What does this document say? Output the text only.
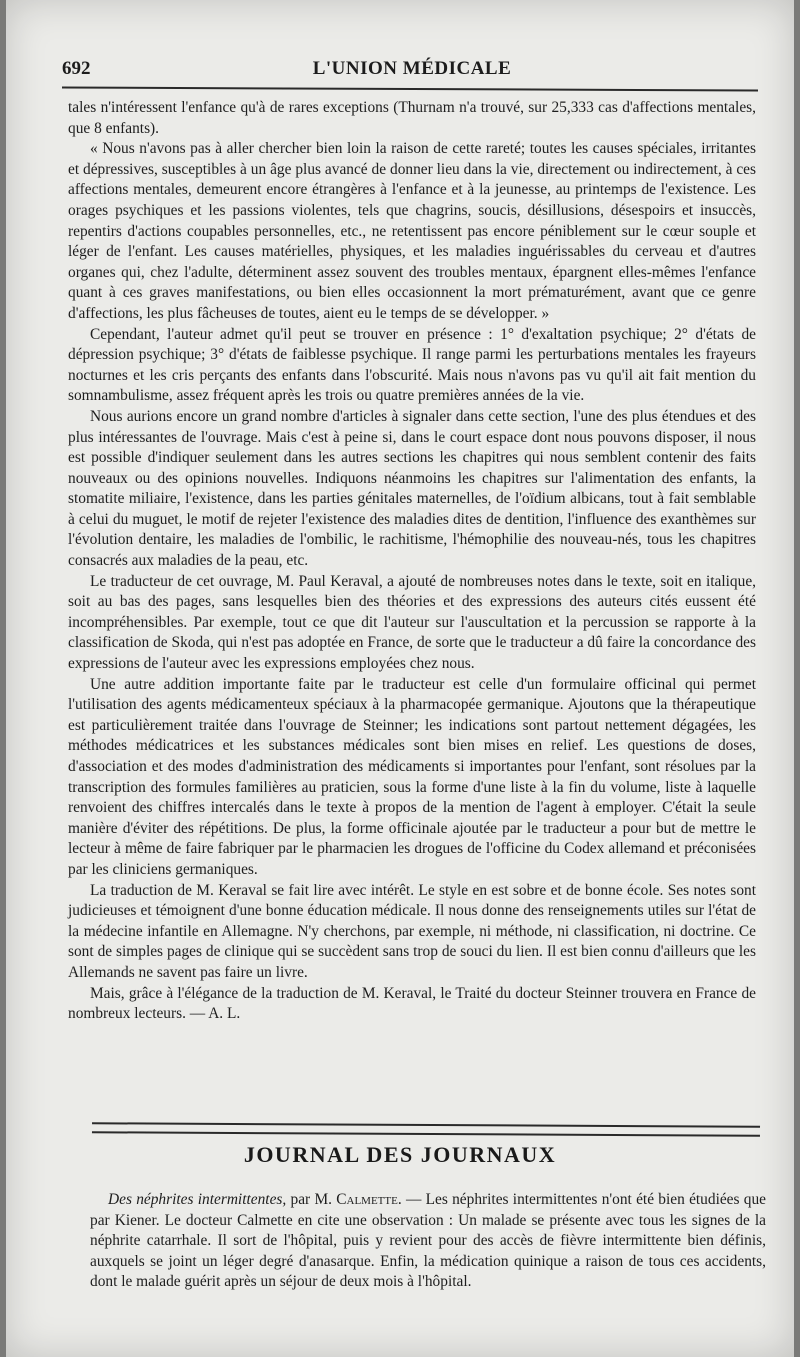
692	L'UNION MÉDICALE

tales n'intéressent l'enfance qu'à de rares exceptions (Thurnam n'a trouvé, sur 25,333 cas d'affections mentales, que 8 enfants).

« Nous n'avons pas à aller chercher bien loin la raison de cette rareté; toutes les causes spéciales, irritantes et dépressives, susceptibles à un âge plus avancé de donner lieu dans la vie, directement ou indirectement, à ces affections mentales, demeurent encore étrangères à l'enfance et à la jeunesse, au printemps de l'existence. Les orages psychiques et les passions violentes, tels que chagrins, soucis, désillusions, désespoirs et insuccès, repentirs d'actions coupables personnelles, etc., ne retentissent pas encore péniblement sur le cœur souple et léger de l'enfant. Les causes matérielles, physiques, et les maladies inguérissables du cerveau et d'autres organes qui, chez l'adulte, déterminent assez souvent des troubles mentaux, épargnent elles-mêmes l'enfance quant à ces graves manifestations, ou bien elles occasionnent la mort prématurément, avant que ce genre d'affections, les plus fâcheuses de toutes, aient eu le temps de se développer. »

Cependant, l'auteur admet qu'il peut se trouver en présence : 1° d'exaltation psychique; 2° d'états de dépression psychique; 3° d'états de faiblesse psychique. Il range parmi les perturbations mentales les frayeurs nocturnes et les cris perçants des enfants dans l'obscurité. Mais nous n'avons pas vu qu'il ait fait mention du somnambulisme, assez fréquent après les trois ou quatre premières années de la vie.

Nous aurions encore un grand nombre d'articles à signaler dans cette section, l'une des plus étendues et des plus intéressantes de l'ouvrage. Mais c'est à peine si, dans le court espace dont nous pouvons disposer, il nous est possible d'indiquer seulement dans les autres sections les chapitres qui nous semblent contenir des faits nouveaux ou des opinions nouvelles. Indiquons néanmoins les chapitres sur l'alimentation des enfants, la stomatite miliaire, l'existence, dans les parties génitales maternelles, de l'oïdium albicans, tout à fait semblable à celui du muguet, le motif de rejeter l'existence des maladies dites de dentition, l'influence des exanthèmes sur l'évolution dentaire, les maladies de l'ombilic, le rachitisme, l'hémophilie des nouveau-nés, tous les chapitres consacrés aux maladies de la peau, etc.

Le traducteur de cet ouvrage, M. Paul Keraval, a ajouté de nombreuses notes dans le texte, soit en italique, soit au bas des pages, sans lesquelles bien des théories et des expressions des auteurs cités eussent été incompréhensibles. Par exemple, tout ce que dit l'auteur sur l'auscultation et la percussion se rapporte à la classification de Skoda, qui n'est pas adoptée en France, de sorte que le traducteur a dû faire la concordance des expressions de l'auteur avec les expressions employées chez nous.

Une autre addition importante faite par le traducteur est celle d'un formulaire officinal qui permet l'utilisation des agents médicamenteux spéciaux à la pharmacopée germanique. Ajoutons que la thérapeutique est particulièrement traitée dans l'ouvrage de Steinner; les indications sont partout nettement dégagées, les méthodes médicatrices et les substances médicales sont bien mises en relief. Les questions de doses, d'association et des modes d'administration des médicaments si importantes pour l'enfant, sont résolues par la transcription des formules familières au praticien, sous la forme d'une liste à la fin du volume, liste à laquelle renvoient des chiffres intercalés dans le texte à propos de la mention de l'agent à employer. C'était la seule manière d'éviter des répétitions. De plus, la forme officinale ajoutée par le traducteur a pour but de mettre le lecteur à même de faire fabriquer par le pharmacien les drogues de l'officine du Codex allemand et préconisées par les cliniciens germaniques.

La traduction de M. Keraval se fait lire avec intérêt. Le style en est sobre et de bonne école. Ses notes sont judicieuses et témoignent d'une bonne éducation médicale. Il nous donne des renseignements utiles sur l'état de la médecine infantile en Allemagne. N'y cherchons, par exemple, ni méthode, ni classification, ni doctrine. Ce sont de simples pages de clinique qui se succèdent sans trop de souci du lien. Il est bien connu d'ailleurs que les Allemands ne savent pas faire un livre.

Mais, grâce à l'élégance de la traduction de M. Keraval, le Traité du docteur Steinner trouvera en France de nombreux lecteurs. — A. L.

JOURNAL DES JOURNAUX

Des néphrites intermittentes, par M. Calmette. — Les néphrites intermittentes n'ont été bien étudiées que par Kiener. Le docteur Calmette en cite une observation : Un malade se présente avec tous les signes de la néphrite catarrhale. Il sort de l'hôpital, puis y revient pour des accès de fièvre intermittente bien définis, auxquels se joint un léger degré d'anasarque. Enfin, la médication quinique a raison de tous ces accidents, dont le malade guérit après un séjour de deux mois à l'hôpital.
